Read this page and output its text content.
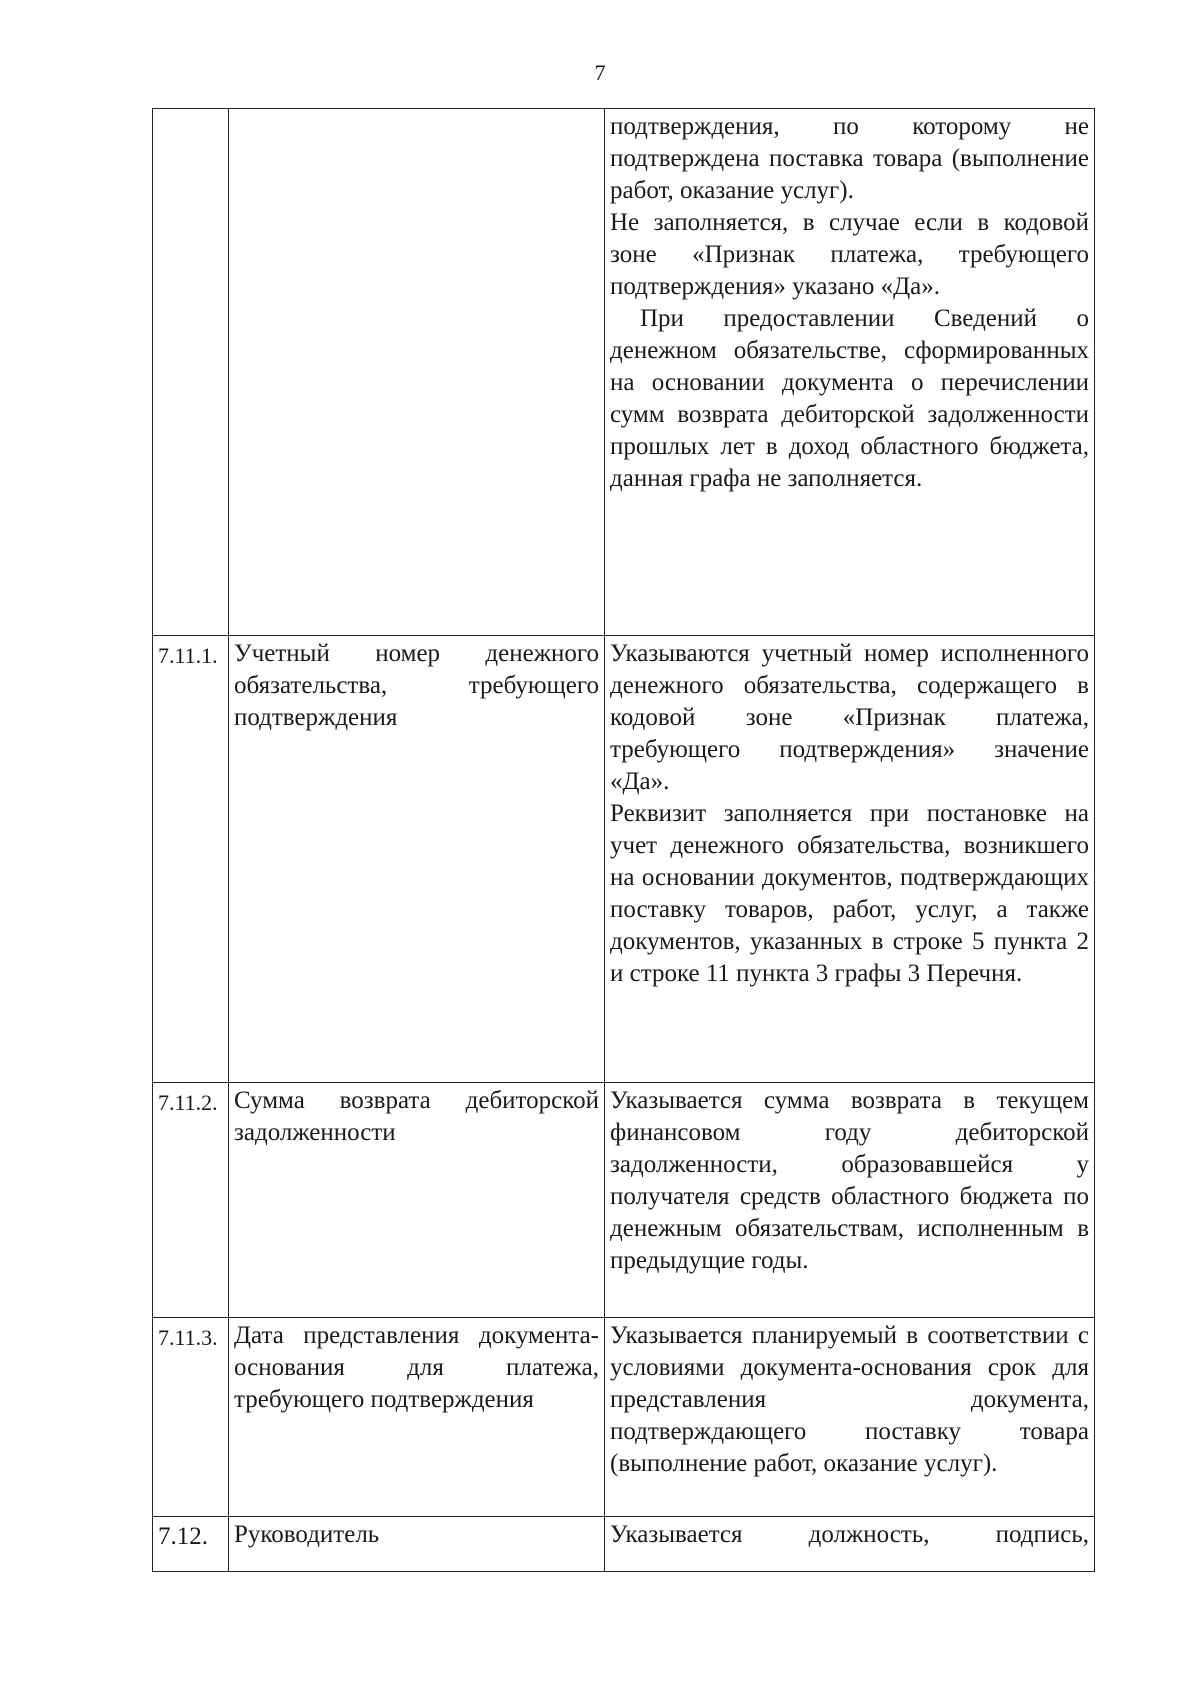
7

		подтверждения, по которому не подтверждена поставка товара (выполнение работ, оказание услуг).

Не заполняется, в случае если в кодовой зоне «Признак платежа, требующего подтверждения» указано «Да».

При предоставлении Сведений о денежном обязательстве, сформированных на основании документа о перечислении сумм возврата дебиторской задолженности прошлых лет в доход областного бюджета, данная графа не заполняется.

7.11.1.	Учетный номер денежного обязательства, требующего подтверждения	Указываются учетный номер исполненного денежного обязательства, содержащего в кодовой зоне «Признак платежа, требующего подтверждения» значение «Да».

Реквизит заполняется при постановке на учет денежного обязательства, возникшего на основании документов, подтверждающих поставку товаров, работ, услуг, а также документов, указанных в строке 5 пункта 2 и строке 11 пункта 3 графы 3 Перечня.

7.11.2.	Сумма возврата дебиторской задолженности	Указывается сумма возврата в текущем финансовом году дебиторской задолженности, образовавшейся у получателя средств областного бюджета по денежным обязательствам, исполненным в предыдущие годы.

7.11.3.	Дата представления документа-основания для платежа, требующего подтверждения	Указывается планируемый в соответствии с условиями документа-основания срок для представления документа, подтверждающего поставку товара (выполнение работ, оказание услуг).

7.12.	Руководитель	Указывается должность, подпись,
